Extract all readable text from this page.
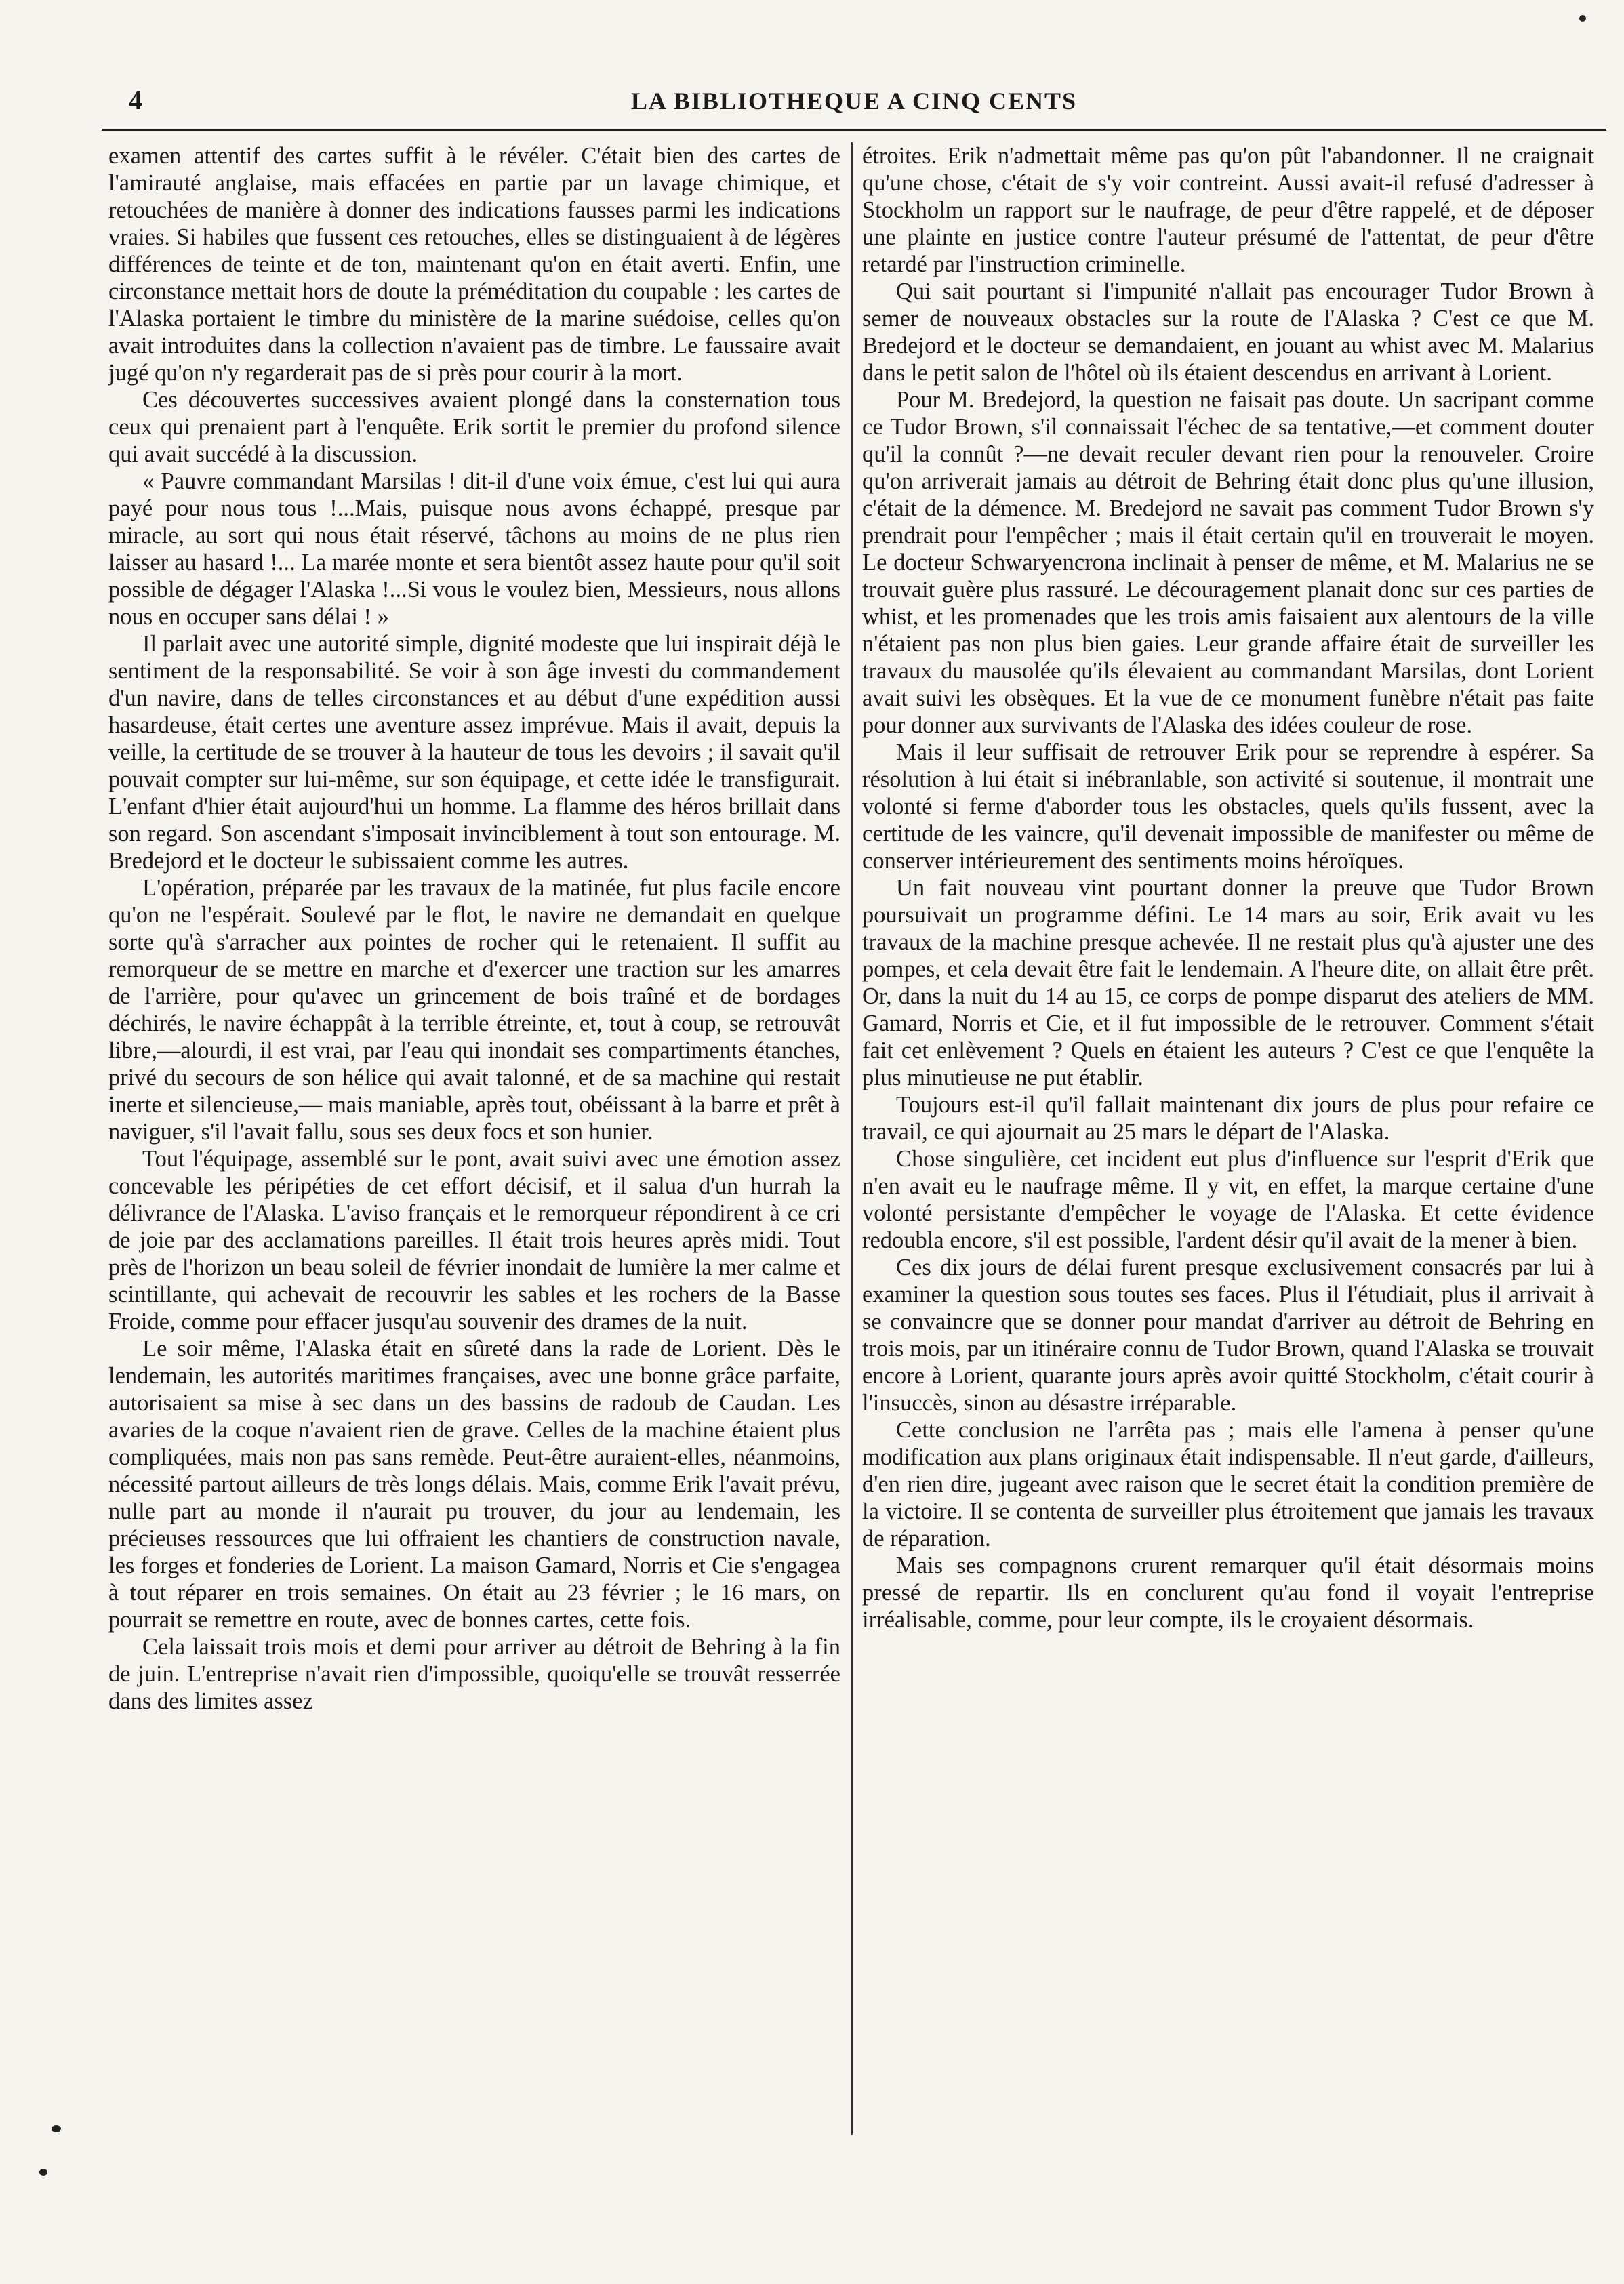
4	LA BIBLIOTHEQUE A CINQ CENTS

examen attentif des cartes suffit à le révéler. C'était bien des cartes de l'amirauté anglaise, mais effacées en partie par un lavage chimique, et retouchées de manière à donner des indications fausses parmi les indications vraies. Si habiles que fussent ces retouches, elles se distinguaient à de légères différences de teinte et de ton, maintenant qu'on en était averti. Enfin, une circonstance mettait hors de doute la préméditation du coupable : les cartes de l'Alaska portaient le timbre du ministère de la marine suédoise, celles qu'on avait introduites dans la collection n'avaient pas de timbre. Le faussaire avait jugé qu'on n'y regarderait pas de si près pour courir à la mort.

Ces découvertes successives avaient plongé dans la consternation tous ceux qui prenaient part à l'enquête. Erik sortit le premier du profond silence qui avait succédé à la discussion.

« Pauvre commandant Marsilas ! dit-il d'une voix émue, c'est lui qui aura payé pour nous tous !...Mais, puisque nous avons échappé, presque par miracle, au sort qui nous était réservé, tâchons au moins de ne plus rien laisser au hasard !... La marée monte et sera bientôt assez haute pour qu'il soit possible de dégager l'Alaska !...Si vous le voulez bien, Messieurs, nous allons nous en occuper sans délai ! »

Il parlait avec une autorité simple, dignité modeste que lui inspirait déjà le sentiment de la responsabilité. Se voir à son âge investi du commandement d'un navire, dans de telles circonstances et au début d'une expédition aussi hasardeuse, était certes une aventure assez imprévue. Mais il avait, depuis la veille, la certitude de se trouver à la hauteur de tous les devoirs ; il savait qu'il pouvait compter sur lui-même, sur son équipage, et cette idée le transfigurait. L'enfant d'hier était aujourd'hui un homme. La flamme des héros brillait dans son regard. Son ascendant s'imposait invinciblement à tout son entourage. M. Bredejord et le docteur le subissaient comme les autres.

L'opération, préparée par les travaux de la matinée, fut plus facile encore qu'on ne l'espérait. Soulevé par le flot, le navire ne demandait en quelque sorte qu'à s'arracher aux pointes de rocher qui le retenaient. Il suffit au remorqueur de se mettre en marche et d'exercer une traction sur les amarres de l'arrière, pour qu'avec un grincement de bois traîné et de bordages déchirés, le navire échappât à la terrible étreinte, et, tout à coup, se retrouvât libre,—alourdi, il est vrai, par l'eau qui inondait ses compartiments étanches, privé du secours de son hélice qui avait talonné, et de sa machine qui restait inerte et silencieuse,— mais maniable, après tout, obéissant à la barre et prêt à naviguer, s'il l'avait fallu, sous ses deux focs et son hunier.

Tout l'équipage, assemblé sur le pont, avait suivi avec une émotion assez concevable les péripéties de cet effort décisif, et il salua d'un hurrah la délivrance de l'Alaska. L'aviso français et le remorqueur répondirent à ce cri de joie par des acclamations pareilles. Il était trois heures après midi. Tout près de l'horizon un beau soleil de février inondait de lumière la mer calme et scintillante, qui achevait de recouvrir les sables et les rochers de la Basse Froide, comme pour effacer jusqu'au souvenir des drames de la nuit.

Le soir même, l'Alaska était en sûreté dans la rade de Lorient. Dès le lendemain, les autorités maritimes françaises, avec une bonne grâce parfaite, autorisaient sa mise à sec dans un des bassins de radoub de Caudan. Les avaries de la coque n'avaient rien de grave. Celles de la machine étaient plus compliquées, mais non pas sans remède. Peut-être auraient-elles, néanmoins, nécessité partout ailleurs de très longs délais. Mais, comme Erik l'avait prévu, nulle part au monde il n'aurait pu trouver, du jour au lendemain, les précieuses ressources que lui offraient les chantiers de construction navale, les forges et fonderies de Lorient. La maison Gamard, Norris et Cie s'engagea à tout réparer en trois semaines. On était au 23 février ; le 16 mars, on pourrait se remettre en route, avec de bonnes cartes, cette fois.

Cela laissait trois mois et demi pour arriver au détroit de Behring à la fin de juin. L'entreprise n'avait rien d'impossible, quoiqu'elle se trouvât resserrée dans des limites assez

étroites. Erik n'admettait même pas qu'on pût l'abandonner. Il ne craignait qu'une chose, c'était de s'y voir contreint. Aussi avait-il refusé d'adresser à Stockholm un rapport sur le naufrage, de peur d'être rappelé, et de déposer une plainte en justice contre l'auteur présumé de l'attentat, de peur d'être retardé par l'instruction criminelle.

Qui sait pourtant si l'impunité n'allait pas encourager Tudor Brown à semer de nouveaux obstacles sur la route de l'Alaska ? C'est ce que M. Bredejord et le docteur se demandaient, en jouant au whist avec M. Malarius dans le petit salon de l'hôtel où ils étaient descendus en arrivant à Lorient.

Pour M. Bredejord, la question ne faisait pas doute. Un sacripant comme ce Tudor Brown, s'il connaissait l'échec de sa tentative,—et comment douter qu'il la connût ?—ne devait reculer devant rien pour la renouveler. Croire qu'on arriverait jamais au détroit de Behring était donc plus qu'une illusion, c'était de la démence. M. Bredejord ne savait pas comment Tudor Brown s'y prendrait pour l'empêcher ; mais il était certain qu'il en trouverait le moyen. Le docteur Schwaryencrona inclinait à penser de même, et M. Malarius ne se trouvait guère plus rassuré. Le découragement planait donc sur ces parties de whist, et les promenades que les trois amis faisaient aux alentours de la ville n'étaient pas non plus bien gaies. Leur grande affaire était de surveiller les travaux du mausolée qu'ils élevaient au commandant Marsilas, dont Lorient avait suivi les obsèques. Et la vue de ce monument funèbre n'était pas faite pour donner aux survivants de l'Alaska des idées couleur de rose.

Mais il leur suffisait de retrouver Erik pour se reprendre à espérer. Sa résolution à lui était si inébranlable, son activité si soutenue, il montrait une volonté si ferme d'aborder tous les obstacles, quels qu'ils fussent, avec la certitude de les vaincre, qu'il devenait impossible de manifester ou même de conserver intérieurement des sentiments moins héroïques.

Un fait nouveau vint pourtant donner la preuve que Tudor Brown poursuivait un programme défini. Le 14 mars au soir, Erik avait vu les travaux de la machine presque achevée. Il ne restait plus qu'à ajuster une des pompes, et cela devait être fait le lendemain. A l'heure dite, on allait être prêt. Or, dans la nuit du 14 au 15, ce corps de pompe disparut des ateliers de MM. Gamard, Norris et Cie, et il fut impossible de le retrouver. Comment s'était fait cet enlèvement ? Quels en étaient les auteurs ? C'est ce que l'enquête la plus minutieuse ne put établir.

Toujours est-il qu'il fallait maintenant dix jours de plus pour refaire ce travail, ce qui ajournait au 25 mars le départ de l'Alaska.

Chose singulière, cet incident eut plus d'influence sur l'esprit d'Erik que n'en avait eu le naufrage même. Il y vit, en effet, la marque certaine d'une volonté persistante d'empêcher le voyage de l'Alaska. Et cette évidence redoubla encore, s'il est possible, l'ardent désir qu'il avait de la mener à bien.

Ces dix jours de délai furent presque exclusivement consacrés par lui à examiner la question sous toutes ses faces. Plus il l'étudiait, plus il arrivait à se convaincre que se donner pour mandat d'arriver au détroit de Behring en trois mois, par un itinéraire connu de Tudor Brown, quand l'Alaska se trouvait encore à Lorient, quarante jours après avoir quitté Stockholm, c'était courir à l'insuccès, sinon au désastre irréparable.

Cette conclusion ne l'arrêta pas ; mais elle l'amena à penser qu'une modification aux plans originaux était indispensable. Il n'eut garde, d'ailleurs, d'en rien dire, jugeant avec raison que le secret était la condition première de la victoire. Il se contenta de surveiller plus étroitement que jamais les travaux de réparation.

Mais ses compagnons crurent remarquer qu'il était désormais moins pressé de repartir. Ils en conclurent qu'au fond il voyait l'entreprise irréalisable, comme, pour leur compte, ils le croyaient désormais.
